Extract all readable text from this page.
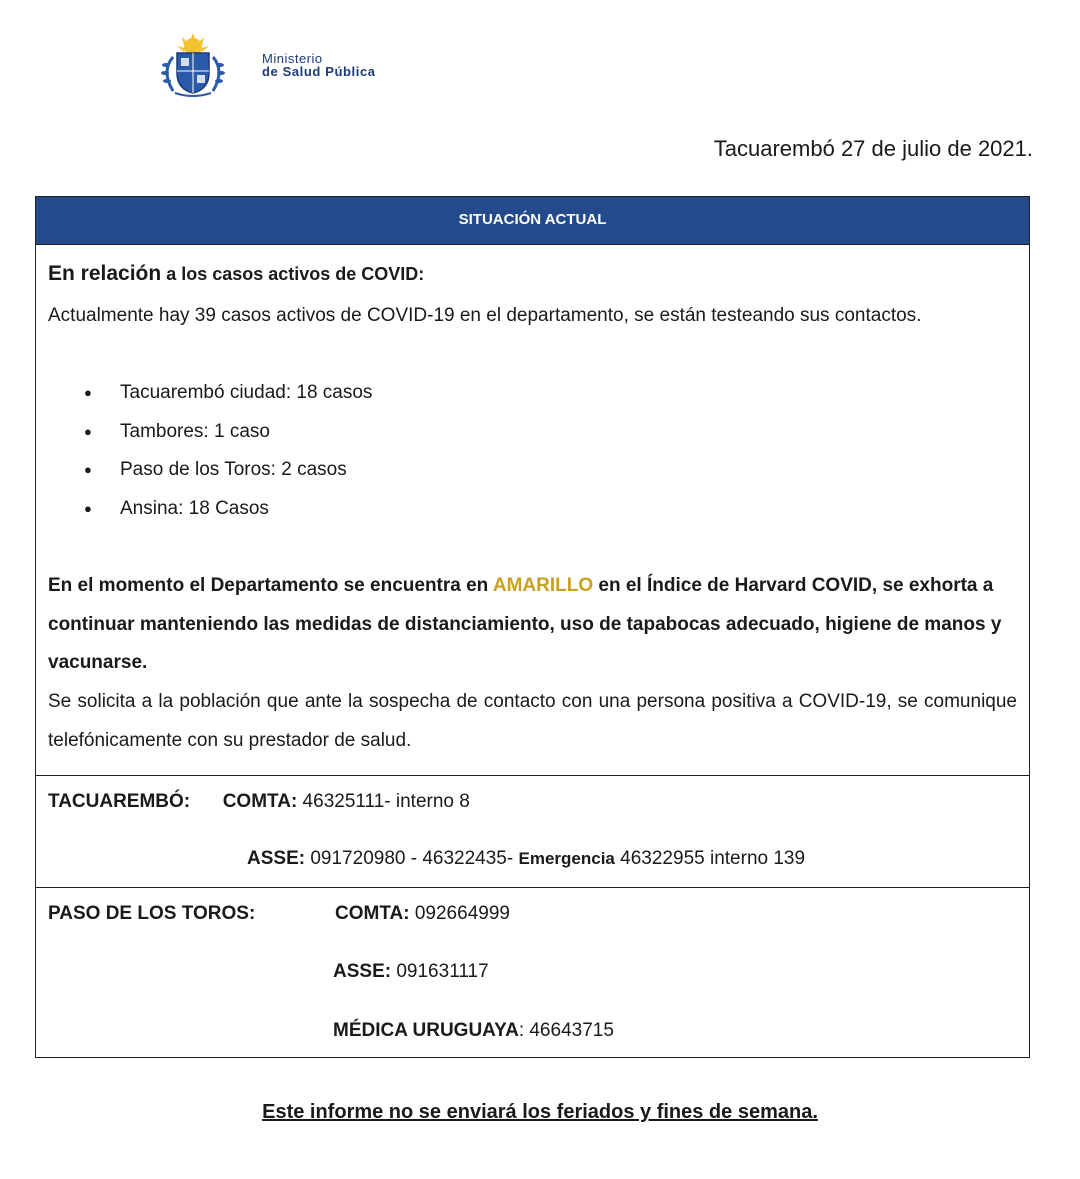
Ministerio
de Salud Pública
Tacuarembó 27 de julio de 2021.
SITUACIÓN ACTUAL
En relación a los casos activos de COVID:
Actualmente hay 39 casos activos de COVID-19 en el departamento, se están testeando sus contactos.
● Tacuarembó ciudad: 18 casos
● Tambores: 1 caso
● Paso de los Toros: 2 casos
● Ansina: 18 Casos
En el momento el Departamento se encuentra en AMARILLO en el Índice de Harvard COVID, se exhorta a continuar manteniendo las medidas de distanciamiento, uso de tapabocas adecuado, higiene de manos y vacunarse.
Se solicita a la población que ante la sospecha de contacto con una persona positiva a COVID-19, se comunique telefónicamente con su prestador de salud.
TACUAREMBÓ: COMTA: 46325111- interno 8
ASSE: 091720980 - 46322435- Emergencia 46322955 interno 139
PASO DE LOS TOROS:	COMTA: 092664999
ASSE: 091631117
MÉDICA URUGUAYA: 46643715
Este informe no se enviará los feriados y fines de semana.
